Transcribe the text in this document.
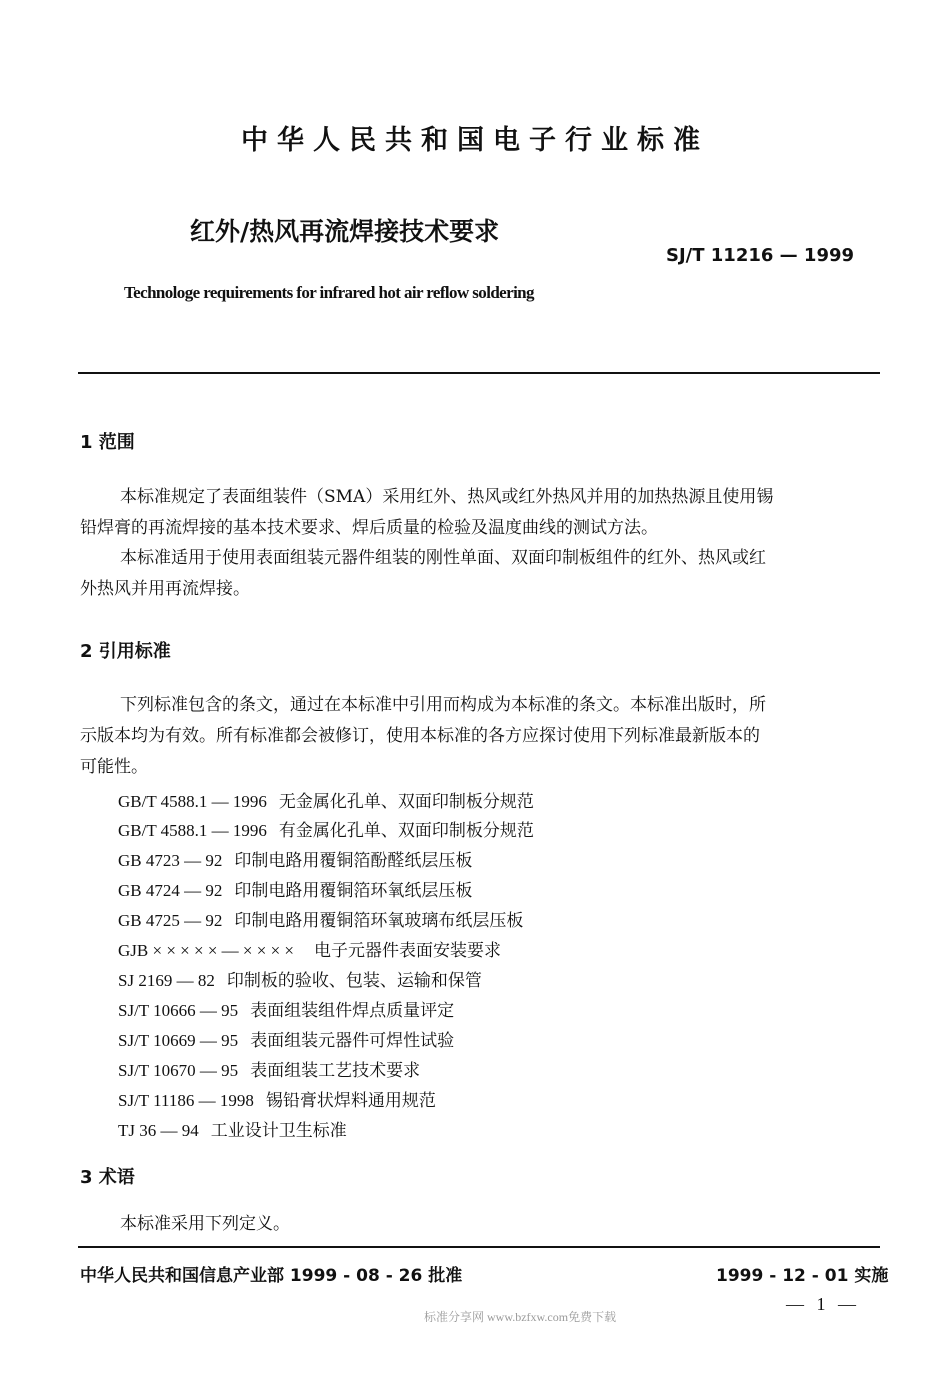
中华人民共和国电子行业标准
红外/热风再流焊接技术要求
SJ/T 11216 — 1999
Technologe requirements for infrared hot air reflow soldering
1 范围
本标准规定了表面组装件（SMA）采用红外、热风或红外热风并用的加热热源且使用锡
铅焊膏的再流焊接的基本技术要求、焊后质量的检验及温度曲线的测试方法。
本标准适用于使用表面组装元器件组装的刚性单面、双面印制板组件的红外、热风或红
外热风并用再流焊接。
2 引用标准
下列标准包含的条文，通过在本标准中引用而构成为本标准的条文。本标准出版时，所
示版本均为有效。所有标准都会被修订，使用本标准的各方应探讨使用下列标准最新版本的
可能性。
GB/T 4588.1 — 1996 无金属化孔单、双面印制板分规范
GB/T 4588.1 — 1996 有金属化孔单、双面印制板分规范
GB 4723 — 92 印制电路用覆铜箔酚醛纸层压板
GB 4724 — 92 印制电路用覆铜箔环氧纸层压板
GB 4725 — 92 印制电路用覆铜箔环氧玻璃布纸层压板
GJB × × × × × — × × × × 电子元器件表面安装要求
SJ 2169 — 82 印制板的验收、包装、运输和保管
SJ/T 10666 — 95 表面组装组件焊点质量评定
SJ/T 10669 — 95 表面组装元器件可焊性试验
SJ/T 10670 — 95 表面组装工艺技术要求
SJ/T 11186 — 1998 锡铅膏状焊料通用规范
TJ 36 — 94 工业设计卫生标准
3 术语
本标准采用下列定义。
中华人民共和国信息产业部 1999 - 08 - 26 批准	1999 - 12 - 01 实施
— 1 —
标准分享网 www.bzfxw.com免费下载
